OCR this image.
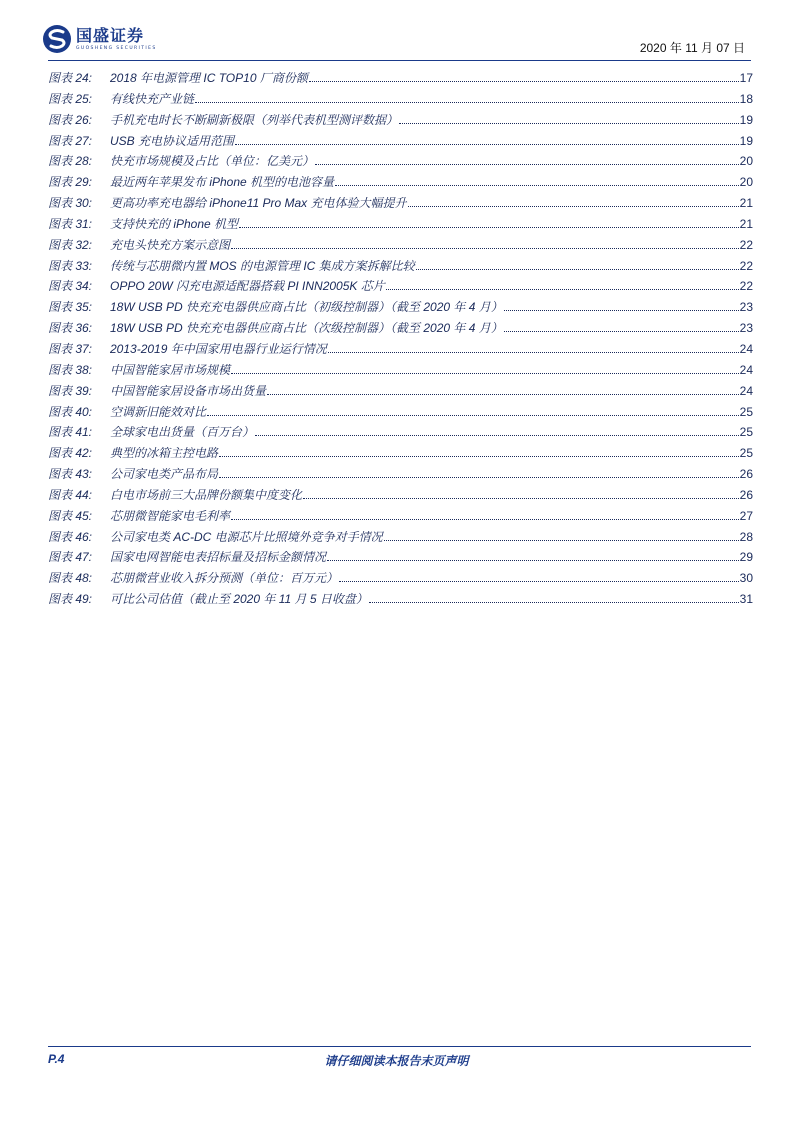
国盛证券
GUOSHENG SECURITIES	2020 年 11 月 07 日
图表 24:	2018 年电源管理 IC TOP10 厂商份额	17
图表 25:	有线快充产业链	18
图表 26:	手机充电时长不断刷新极限（列举代表机型测评数据）	19
图表 27:	USB 充电协议适用范围	19
图表 28:	快充市场规模及占比（单位：亿美元）	20
图表 29:	最近两年苹果发布 iPhone 机型的电池容量	20
图表 30:	更高功率充电器给 iPhone11 Pro Max 充电体验大幅提升	21
图表 31:	支持快充的 iPhone 机型	21
图表 32:	充电头快充方案示意图	22
图表 33:	传统与芯朋微内置 MOS 的电源管理 IC 集成方案拆解比较	22
图表 34:	OPPO 20W 闪充电源适配器搭载 PI INN2005K 芯片	22
图表 35:	18W USB PD 快充充电器供应商占比（初级控制器）（截至 2020 年 4 月）	23
图表 36:	18W USB PD 快充充电器供应商占比（次级控制器）（截至 2020 年 4 月）	23
图表 37:	2013-2019 年中国家用电器行业运行情况	24
图表 38:	中国智能家居市场规模	24
图表 39:	中国智能家居设备市场出货量	24
图表 40:	空调新旧能效对比	25
图表 41:	全球家电出货量（百万台）	25
图表 42:	典型的冰箱主控电路	25
图表 43:	公司家电类产品布局	26
图表 44:	白电市场前三大品牌份额集中度变化	26
图表 45:	芯朋微智能家电毛利率	27
图表 46:	公司家电类 AC-DC 电源芯片比照境外竞争对手情况	28
图表 47:	国家电网智能电表招标量及招标金额情况	29
图表 48:	芯朋微营业收入拆分预测（单位：百万元）	30
图表 49:	可比公司估值（截止至 2020 年 11 月 5 日收盘）	31
P.4	请仔细阅读本报告末页声明
